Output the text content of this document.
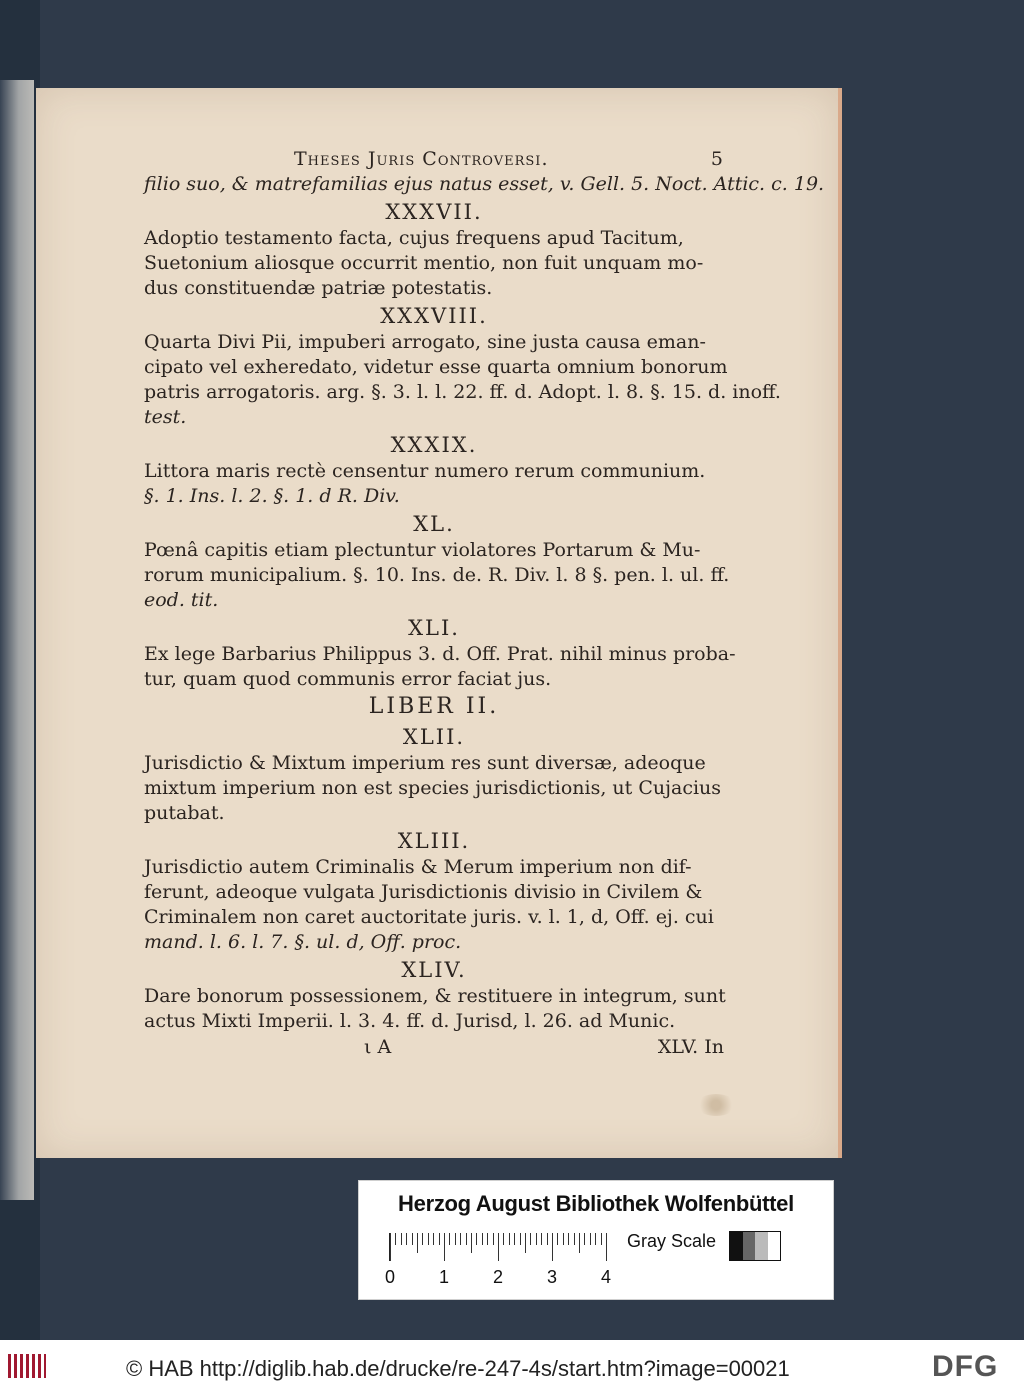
Theses Juris Controversi.	5
filio suo, & matrefamilias ejus natus esset, v. Gell. 5. Noct. Attic. c. 19.
XXXVII.
Adoptio testamento facta, cujus frequens apud Tacitum,
Suetonium aliosque occurrit mentio, non fuit unquam mo-
dus constituendæ patriæ potestatis.
XXXVIII.
Quarta Divi Pii, impuberi arrogato, sine justa causa eman-
cipato vel exheredato, videtur esse quarta omnium bonorum
patris arrogatoris. arg. §. 3. l. l. 22. ff. d. Adopt. l. 8. §. 15. d. inoff.
test.
XXXIX.
Littora maris rectè censentur numero rerum communium.
§. 1. Ins. l. 2. §. 1. d R. Div.
XL.
Pœnâ capitis etiam plectuntur violatores Portarum & Mu-
rorum municipalium. §. 10. Ins. de. R. Div. l. 8 §. pen. l. ul. ff.
eod. tit.
XLI.
Ex lege Barbarius Philippus 3. d. Off. Prat. nihil minus proba-
tur, quam quod communis error faciat jus.
LIBER II.
XLII.
Jurisdictio & Mixtum imperium res sunt diversæ, adeoque
mixtum imperium non est species jurisdictionis, ut Cujacius
putabat.
XLIII.
Jurisdictio autem Criminalis & Merum imperium non dif-
ferunt, adeoque vulgata Jurisdictionis divisio in Civilem &
Criminalem non caret auctoritate juris. v. l. 1, d, Off. ej. cui
mand. l. 6. l. 7. §. ul. d, Off. proc.
XLIV.
Dare bonorum possessionem, & restituere in integrum, sunt
actus Mixti Imperii. l. 3. 4. ff. d. Jurisd, l. 26. ad Munic.
ι A	XLV. In
Herzog August Bibliothek Wolfenbüttel
0 1 2 3 4
Gray Scale
© HAB http://diglib.hab.de/drucke/re-247-4s/start.htm?image=00021	DFG
